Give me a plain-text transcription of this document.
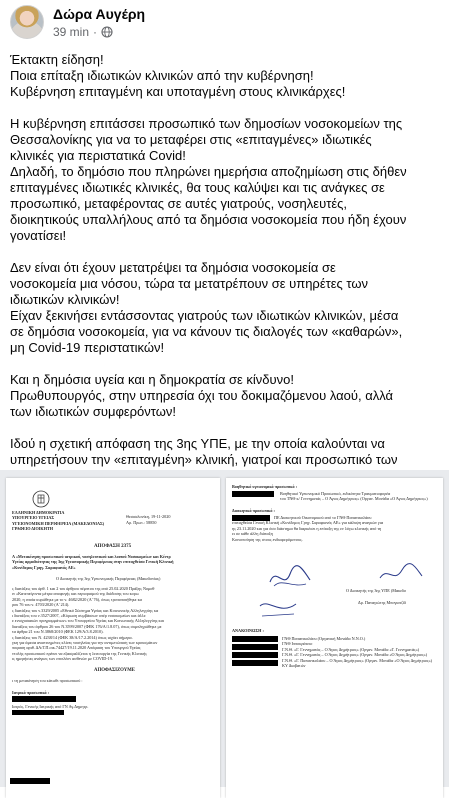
Δώρα Αυγέρη
39 min ·

Έκτακτη είδηση!
Ποια επίταξη ιδιωτικών κλινικών από την κυβέρνηση!
Κυβέρνηση επιταγμένη και υποταγμένη στους κλινικάρχες!

Η κυβέρνηση επιτάσσει προσωπικό των δημοσίων νοσοκομείων της
Θεσσαλονίκης για να το μεταφέρει στις «επιταγμένες» ιδιωτικές
κλινικές για περιστατικά Covid!
Δηλαδή, το δημόσιο που πληρώνει ημερήσια αποζημίωση στις δήθεν
επιταγμένες ιδιωτικές κλινικές, θα τους καλύψει και τις ανάγκες σε
προσωπικό, μεταφέροντας σε αυτές γιατρούς, νοσηλευτές,
διοικητικούς υπαλλήλους από τα δημόσια νοσοκομεία που ήδη έχουν
γονατίσει!

Δεν είναι ότι έχουν μετατρέψει τα δημόσια νοσοκομεία σε
νοσοκομεία μια νόσου, τώρα τα μετατρέπουν σε υπηρέτες των
ιδιωτικών κλινικών!
Είχαν ξεκινήσει εντάσσοντας γιατρούς των ιδιωτικών κλινικών, μέσα
σε δημόσια νοσοκομεία, για να κάνουν τις διαλογές των «καθαρών»,
μη Covid-19 περιστατικών!

Και η δημόσια υγεία και η δημοκρατία σε κίνδυνο!
Πρωθυπουργός, στην υπηρεσία όχι του δοκιμαζόμενου λαού, αλλά
των ιδιωτικών συμφερόντων!

Ιδού η σχετική απόφαση της 3ης ΥΠΕ, με την οποία καλούνται να
υπηρετήσουν την «επιταγμένη» κλινική, γιατροί και προσωπικό των

ΕΛΛΗΝΙΚΗ ΔΗΜΟΚΡΑΤΙΑ
ΥΠΟΥΡΓΕΙΟ ΥΓΕΙΑΣ
ΥΓΕΙΟΝΟΜΙΚΗ ΠΕΡΙΦΕΡΕΙΑ (ΜΑΚΕΔΟΝΙΑΣ)
ΓΡΑΦΕΙΟ ΔΙΟΙΚΗΤΗ
Θεσσαλονίκη, 19-11-2020
Αρ. Πρωτ.: 58850
ΑΠΟΦΑΣΗ 2375
Α «Μετακίνηση προσωπικού ιατρικού, νοσηλευτικού και λοιπού Νοσοκομείων και Κέντρ
Υγείας αρμοδιότητας της 3ης Υγειονομικής Περιφέρειας στην επιταχθείσα Γενική Κλινική
«Κυνίδεμος Γρηγ. Σαραφιανός ΑΕ»
Ο Διοικητής της 3ης Υγειονομικής Περιφέρειας (Μακεδονίας)
ς διατάξεις του άρθ. 1 και 2 του άρθρου πέμπτου της από 25.02.2020 Πράξης Νομοθ
ιν «Κατεπείγοντα μέτρα αποφυγής και περιορισμού της διάδοσης του κορω
2020, η οποία κυρώθηκε με το ν. 4682/2020 (Α' 76), όπως τροποποιήθηκε κα
ρου 76 του ν. 4703/2020 (Α' 214).
ς διατάξεις του ν.3329/2005 «Εθνικό Σύστημα Υγείας και Κοινωνικής Αλληλεγγύης κα
ι διατάξεις του ν.3527/2007, «Κύρωση συμβάσεων υπέρ νοσοκομείων και άλλε
ε ενισχυσιακών προγραμμάτων» του Υπουργείου Υγείας και Κοινωνικής Αλληλεγγύης και
διατάξεις του άρθρου 26 του Ν.3599/2007 (ΦΕΚ 176/Α/1.8.07), όπως συμπληρώθηκε με
τα άρθρα 21 του Ν.3868/2010 (ΦΕΚ 129/Α/3.8.2010).
ς διατάξεις του Ν. 4238/14 (ΦΕΚ 38/Α/17.2.2014) όπως ισχύει σήμερα.
γκη για άμεσα αναπτυγμένες κλίνες νοσηλείας για την αντιμετώπιση των κρουσμάτων
ποφαση αριθ. ΔΑ/Γ.Π.οικ.74427/19.11.2020 Απόφαση του Υπουργού Υγείας
ντολής προσωπικού πρέπει να εξασφαλίζεται η λειτουργία της Γενικής Κλινικής
ις ημερήσιες ανάγκες των επιπλέον ασθενών με COVID-19.
ΑΠΟΦΑΣΙΖΟΥΜΕ
ι τη μετακίνηση του κάτωθι προσωπικού :
Ιατρικό προσωπικό :
Ιατρός, Γενικής Ιατρικής από ΓΝ Αγ.Δημητρ.
Βοηθητικό υγειονομικό προσωπικό :
Βοηθητικό Υγειονομικό Προσωπικό, ειδικότητα Τραυματιοφορέα
του ΤΝΘ κ/ Γεννηματάς – Ο Άγιος Δημήτριος» (Οργαν. Μονάδα «Ο Άγιος Δημήτριος»)
Διοικητικό προσωπικό :
ΠΕ Διοικητικού Οικονομικού από το ΓΝΘ Παπανικολάου
επιταχθείσα Γενική Κλινική «Κυνίδεμος Γρηγ. Σαραφιανός ΑΕ» για κάλυψη αναγκών για
ης 23.11.2020 και για όσο διάστημα θα διαρκέσει η επίταξη της εν λόγω κλινικής από τη
ει σε κάθε άλλη διάταξη
Κοινοποίηση της στους ενδιαφερόμενους.
Ο Διοικητής της 3ης ΥΠΕ (Μακεδο
Δρ. Παναγιώτης Μπογιατζίδ
ΑΝΑΚΟΙΝΩΣΗ :
ΓΝΘ Παπανικολάου (Οργανική Μονάδα Ν.Ν.Ο.)
ΓΝΘ Ιπποκράτειο
Γ.Ν.Θ. «Γ. Γεννηματάς – Ο Άγιος Δημήτριος» (Οργαν. Μονάδα «Γ. Γεννηματάς»)
Γ.Ν.Θ. «Γ. Γεννηματάς – Ο Άγιος Δημήτριος» (Οργαν. Μονάδα «Ο Άγιος Δημήτριος»)
Γ.Ν.Θ. «Γ. Παπανικολάου – Ο Άγιος Δημήτριος» (Οργαν. Μονάδα «Ο Άγιος Δημήτριος»)
ΚΥ Διαβατών
